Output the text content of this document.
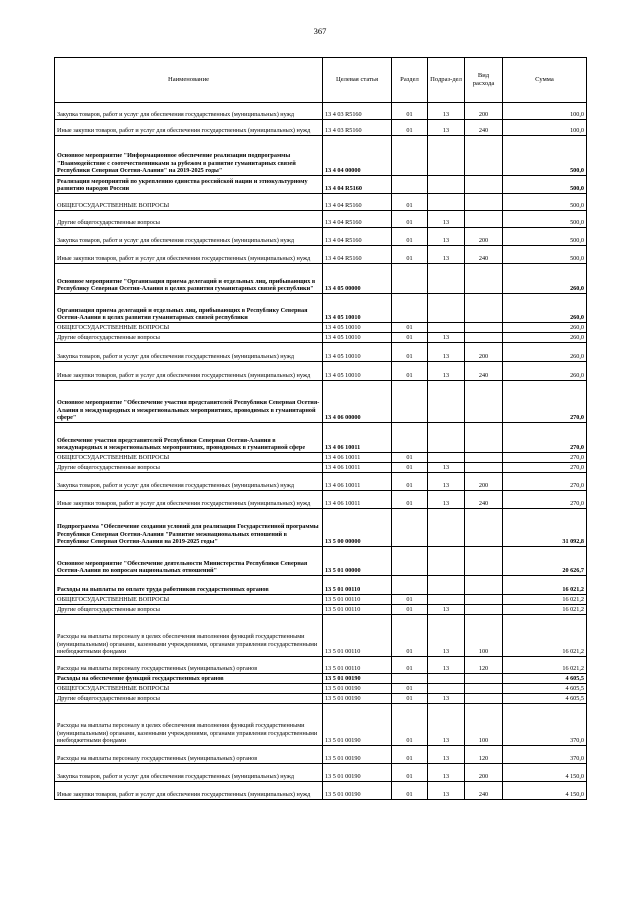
367
Наименование	Целевая статья	Раздел	Подраз-дел	Вид расхода	Сумма
Закупка товаров, работ и услуг для обеспечения государственных (муниципальных) нужд	13 4 03 R5160	01	13	200	100,0
Иные закупки товаров, работ и услуг для обеспечения государственных (муниципальных) нужд	13 4 03 R5160	01	13	240	100,0
Основное мероприятие "Информационное обеспечение реализации подпрограммы "Взаимодействие с соотечественниками за рубежом в развитие гуманитарных связей Республики Северная Осетия-Алания" на 2019-2025 годы"	13 4 04 00000				500,0
Реализация мероприятий по укреплению единства российской нации и этнокультурному развитию народов России	13 4 04 R5160				500,0
ОБЩЕГОСУДАРСТВЕННЫЕ ВОПРОСЫ	13 4 04 R5160	01			500,0
Другие общегосударственные вопросы	13 4 04 R5160	01	13		500,0
Закупка товаров, работ и услуг для обеспечения государственных (муниципальных) нужд	13 4 04 R5160	01	13	200	500,0
Иные закупки товаров, работ и услуг для обеспечения государственных (муниципальных) нужд	13 4 04 R5160	01	13	240	500,0
Основное мероприятие "Организация приема делегаций и отдельных лиц, прибывающих в Республику Северная Осетия-Алания в целях развития гуманитарных связей республики"	13 4 05 00000				260,0
Организация приема делегаций и отдельных лиц, прибывающих в Республику Северная Осетия-Алания в целях развития гуманитарных связей республики	13 4 05 10010				260,0
ОБЩЕГОСУДАРСТВЕННЫЕ ВОПРОСЫ	13 4 05 10010	01			260,0
Другие общегосударственные вопросы	13 4 05 10010	01	13		260,0
Закупка товаров, работ и услуг для обеспечения государственных (муниципальных) нужд	13 4 05 10010	01	13	200	260,0
Иные закупки товаров, работ и услуг для обеспечения государственных (муниципальных) нужд	13 4 05 10010	01	13	240	260,0
Основное мероприятие "Обеспечение участия представителей Республики Северная Осетия-Алания в международных и межрегиональных мероприятиях, проводимых в гуманитарной сфере"	13 4 06 00000				270,0
Обеспечение участия представителей Республики Северная Осетия-Алания в международных и межрегиональных мероприятиях, проводимых в гуманитарной сфере	13 4 06 10011				270,0
ОБЩЕГОСУДАРСТВЕННЫЕ ВОПРОСЫ	13 4 06 10011	01			270,0
Другие общегосударственные вопросы	13 4 06 10011	01	13		270,0
Закупка товаров, работ и услуг для обеспечения государственных (муниципальных) нужд	13 4 06 10011	01	13	200	270,0
Иные закупки товаров, работ и услуг для обеспечения государственных (муниципальных) нужд	13 4 06 10011	01	13	240	270,0
Подпрограмма "Обеспечение создания условий для реализации Государственной программы Республики Северная Осетия-Алания "Развитие межнациональных отношений в Республике Северная Осетия-Алания на 2019-2025 годы"	13 5 00 00000				31 092,8
Основное мероприятие "Обеспечение деятельности Министерства Республики Северная Осетия-Алания по вопросам национальных отношений"	13 5 01 00000				20 626,7
Расходы на выплаты по оплате труда работников государственных органов	13 5 01 00110				16 021,2
ОБЩЕГОСУДАРСТВЕННЫЕ ВОПРОСЫ	13 5 01 00110	01			16 021,2
Другие общегосударственные вопросы	13 5 01 00110	01	13		16 021,2
Расходы на выплаты персоналу в целях обеспечения выполнения функций государственными (муниципальными) органами, казенными учреждениями, органами управления государственными внебюджетными фондами	13 5 01 00110	01	13	100	16 021,2
Расходы на выплаты персоналу государственных (муниципальных) органов	13 5 01 00110	01	13	120	16 021,2
Расходы на обеспечение функций государственных органов	13 5 01 00190				4 605,5
ОБЩЕГОСУДАРСТВЕННЫЕ ВОПРОСЫ	13 5 01 00190	01			4 605,5
Другие общегосударственные вопросы	13 5 01 00190	01	13		4 605,5
Расходы на выплаты персоналу в целях обеспечения выполнения функций государственными (муниципальными) органами, казенными учреждениями, органами управления государственными внебюджетными фондами	13 5 01 00190	01	13	100	370,0
Расходы на выплаты персоналу государственных (муниципальных) органов	13 5 01 00190	01	13	120	370,0
Закупка товаров, работ и услуг для обеспечения государственных (муниципальных) нужд	13 5 01 00190	01	13	200	4 150,0
Иные закупки товаров, работ и услуг для обеспечения государственных (муниципальных) нужд	13 5 01 00190	01	13	240	4 150,0
